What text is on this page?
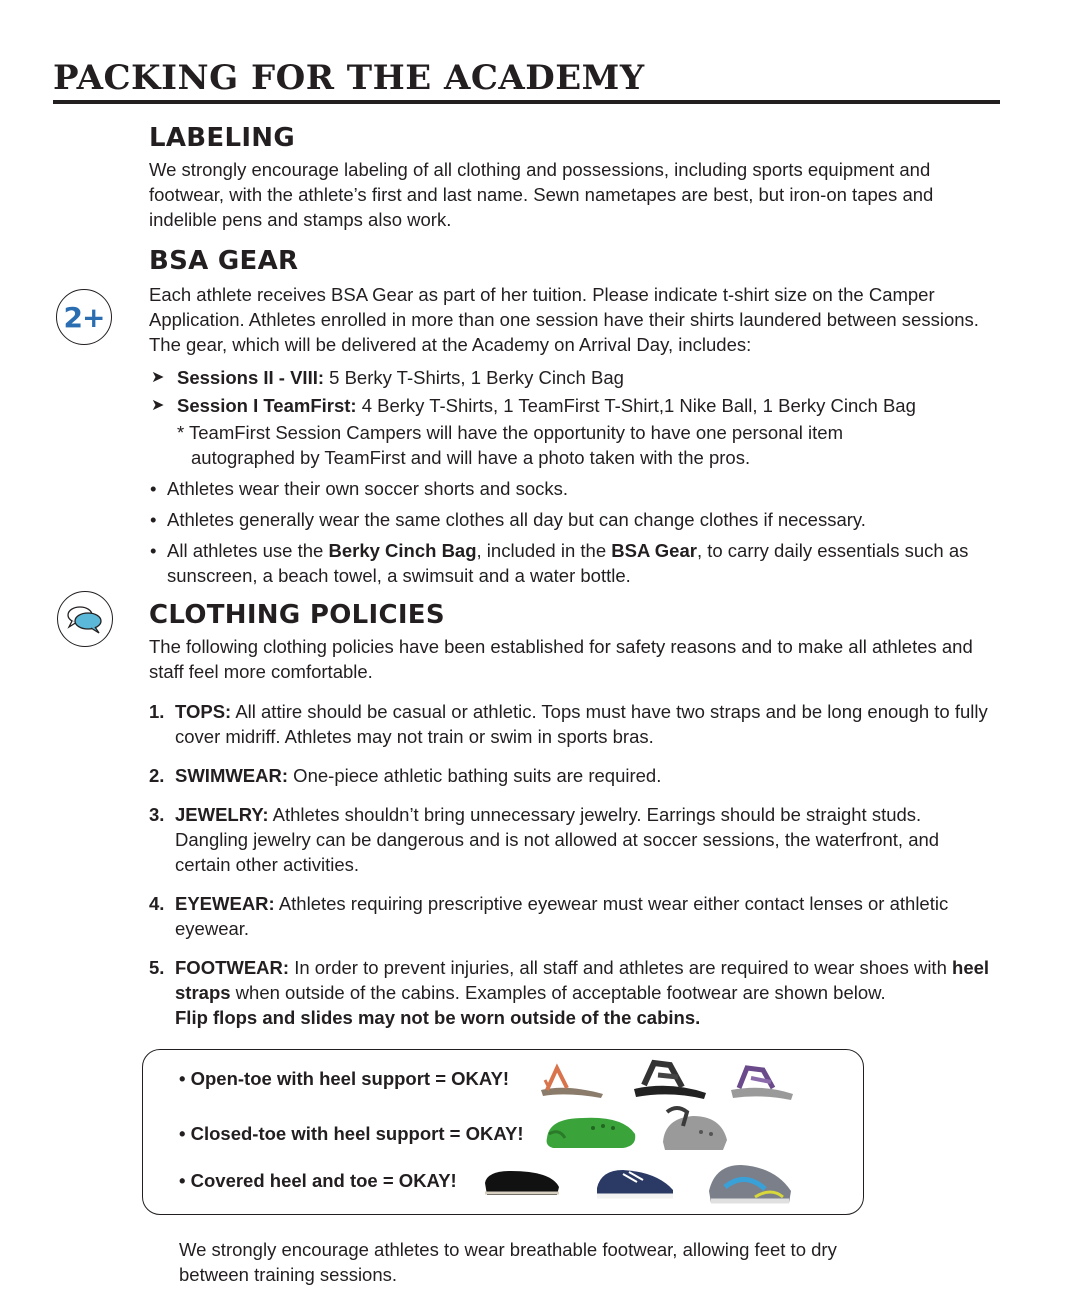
PACKING FOR THE ACADEMY
LABELING

We strongly encourage labeling of all clothing and possessions, including sports equipment and footwear, with the athlete’s first and last name. Sewn nametapes are best, but iron-on tapes and indelible pens and stamps also work.

2+
BSA GEAR

Each athlete receives BSA Gear as part of her tuition. Please indicate t-shirt size on the Camper Application. Athletes enrolled in more than one session have their shirts laundered between sessions. The gear, which will be delivered at the Academy on Arrival Day, includes:

➤ Sessions II - VIII: 5 Berky T-Shirts, 1 Berky Cinch Bag
➤ Session I TeamFirst: 4 Berky T-Shirts, 1 TeamFirst T-Shirt,1 Nike Ball, 1 Berky Cinch Bag
* TeamFirst Session Campers will have the opportunity to have one personal item
autographed by TeamFirst and will have a photo taken with the pros.
• Athletes wear their own soccer shorts and socks.
• Athletes generally wear the same clothes all day but can change clothes if necessary.
• All athletes use the Berky Cinch Bag, included in the BSA Gear, to carry daily essentials such as sunscreen, a beach towel, a swimsuit and a water bottle.
CLOTHING POLICIES

The following clothing policies have been established for safety reasons and to make all athletes and staff feel more comfortable.

1. TOPS: All attire should be casual or athletic. Tops must have two straps and be long enough to fully cover midriff. Athletes may not train or swim in sports bras.
2. SWIMWEAR: One-piece athletic bathing suits are required.
3. JEWELRY: Athletes shouldn’t bring unnecessary jewelry. Earrings should be straight studs. Dangling jewelry can be dangerous and is not allowed at soccer sessions, the waterfront, and certain other activities.
4. EYEWEAR: Athletes requiring prescriptive eyewear must wear either contact lenses or athletic eyewear.
5. FOOTWEAR: In order to prevent injuries, all staff and athletes are required to wear shoes with heel straps when outside of the cabins. Examples of acceptable footwear are shown below.
Flip flops and slides may not be worn outside of the cabins.
• Open-toe with heel support = OKAY!
• Closed-toe with heel support = OKAY!
• Covered heel and toe = OKAY!

We strongly encourage athletes to wear breathable footwear, allowing feet to dry between training sessions.
